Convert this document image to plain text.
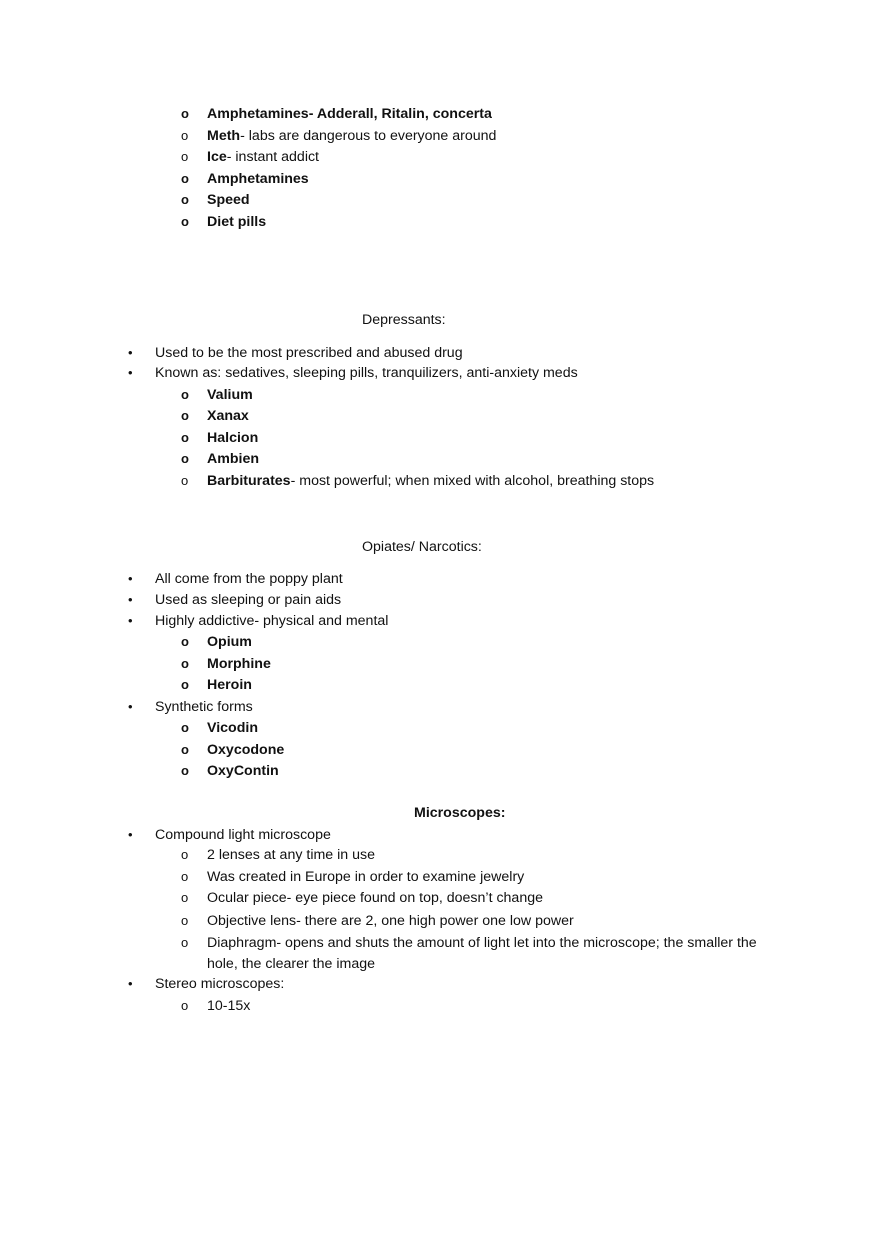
o Amphetamines- Adderall, Ritalin, concerta
o Meth- labs are dangerous to everyone around
o Ice- instant addict
o Amphetamines
o Speed
o Diet pills
Depressants:
• Used to be the most prescribed and abused drug
• Known as: sedatives, sleeping pills, tranquilizers, anti-anxiety meds
o Valium
o Xanax
o Halcion
o Ambien
o Barbiturates- most powerful; when mixed with alcohol, breathing stops
Opiates/ Narcotics:
• All come from the poppy plant
• Used as sleeping or pain aids
• Highly addictive- physical and mental
o Opium
o Morphine
o Heroin
• Synthetic forms
o Vicodin
o Oxycodone
o OxyContin
Microscopes:
• Compound light microscope
o 2 lenses at any time in use
o Was created in Europe in order to examine jewelry
o Ocular piece- eye piece found on top, doesn’t change
o Objective lens- there are 2, one high power one low power
o Diaphragm- opens and shuts the amount of light let into the microscope; the smaller the hole, the clearer the image
• Stereo microscopes:
o 10-15x
